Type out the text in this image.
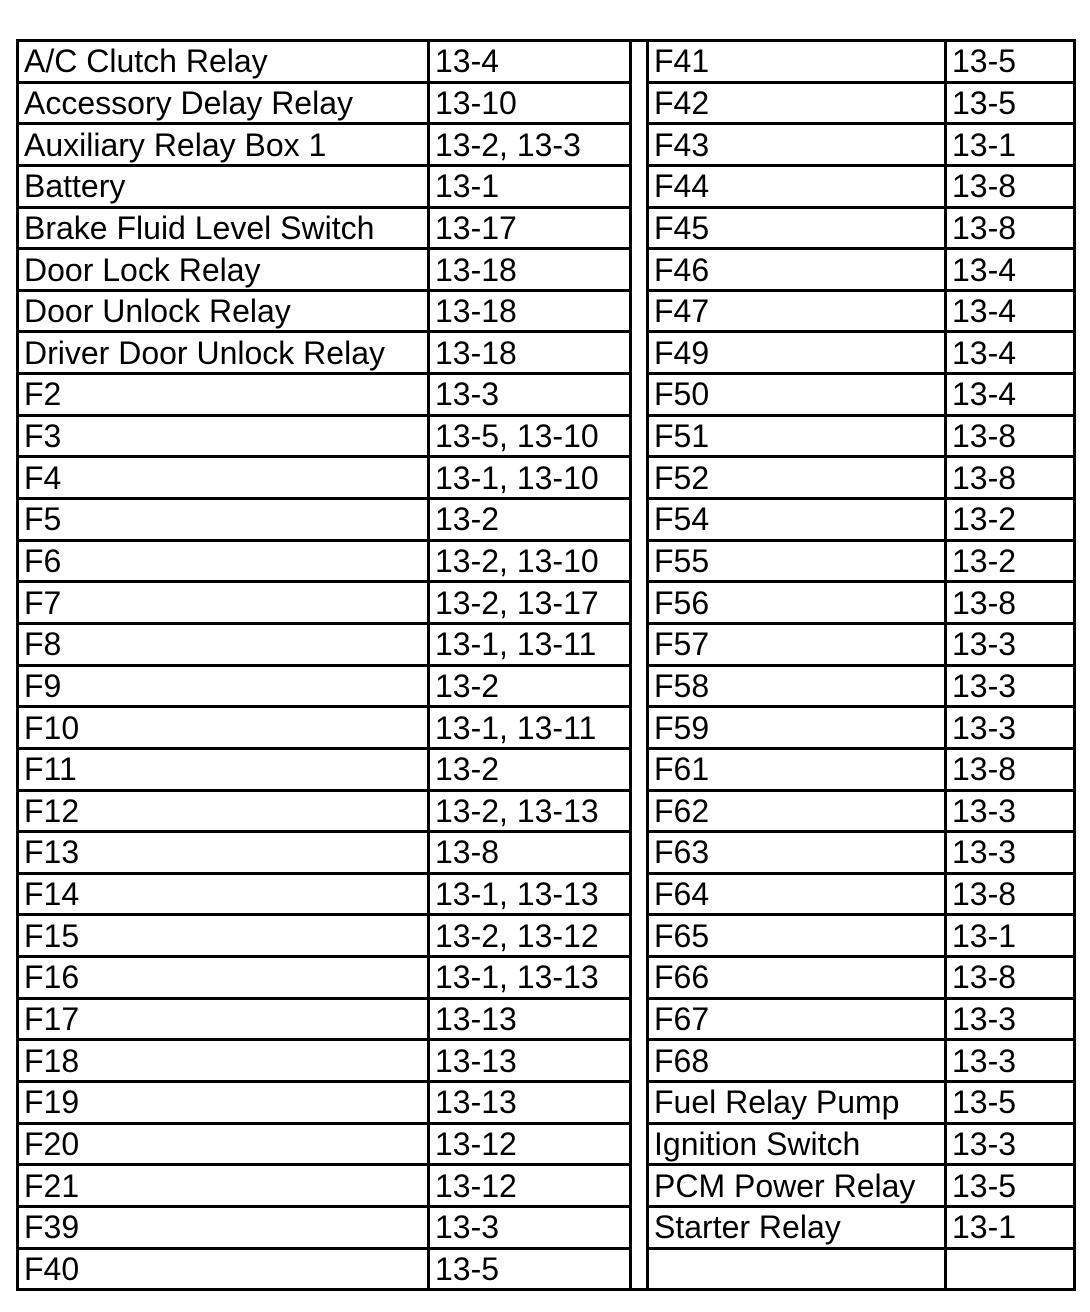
A/C Clutch Relay	13-4
Accessory Delay Relay	13-10
Auxiliary Relay Box 1	13-2, 13-3
Battery	13-1
Brake Fluid Level Switch	13-17
Door Lock Relay	13-18
Door Unlock Relay	13-18
Driver Door Unlock Relay	13-18
F2	13-3
F3	13-5, 13-10
F4	13-1, 13-10
F5	13-2
F6	13-2, 13-10
F7	13-2, 13-17
F8	13-1, 13-11
F9	13-2
F10	13-1, 13-11
F11	13-2
F12	13-2, 13-13
F13	13-8
F14	13-1, 13-13
F15	13-2, 13-12
F16	13-1, 13-13
F17	13-13
F18	13-13
F19	13-13
F20	13-12
F21	13-12
F39	13-3
F40	13-5
F41	13-5
F42	13-5
F43	13-1
F44	13-8
F45	13-8
F46	13-4
F47	13-4
F49	13-4
F50	13-4
F51	13-8
F52	13-8
F54	13-2
F55	13-2
F56	13-8
F57	13-3
F58	13-3
F59	13-3
F61	13-8
F62	13-3
F63	13-3
F64	13-8
F65	13-1
F66	13-8
F67	13-3
F68	13-3
Fuel Relay Pump	13-5
Ignition Switch	13-3
PCM Power Relay	13-5
Starter Relay	13-1
